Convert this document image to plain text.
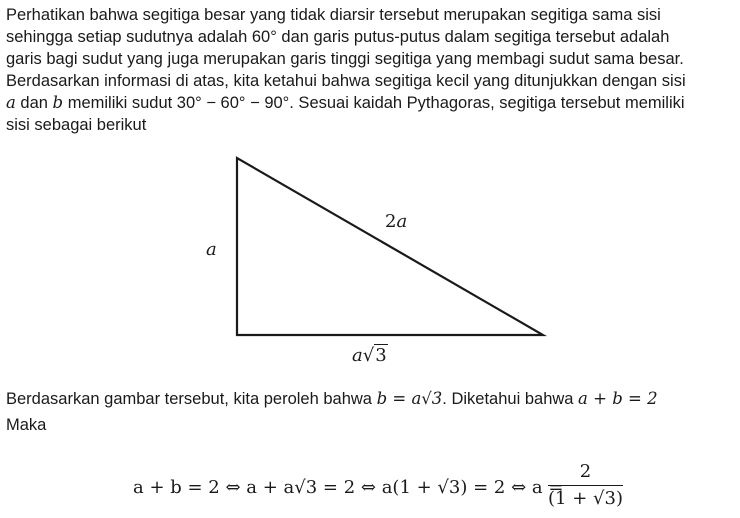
Perhatikan bahwa segitiga besar yang tidak diarsir tersebut merupakan segitiga sama sisi
sehingga setiap sudutnya adalah 60° dan garis putus-putus dalam segitiga tersebut adalah
garis bagi sudut yang juga merupakan garis tinggi segitiga yang membagi sudut sama besar.
Berdasarkan informasi di atas, kita ketahui bahwa segitiga kecil yang ditunjukkan dengan sisi
a dan b memiliki sudut 30° − 60° − 90°. Sesuai kaidah Pythagoras, segitiga tersebut memiliki
sisi sebagai berikut
a
2a
a√3
Berdasarkan gambar tersebut, kita peroleh bahwa b = a√3. Diketahui bahwa a + b = 2
Maka
a + b = 2 ⇔ a + a√3 = 2 ⇔ a(1 + √3) = 2 ⇔ a =
2
(1 + √3)
